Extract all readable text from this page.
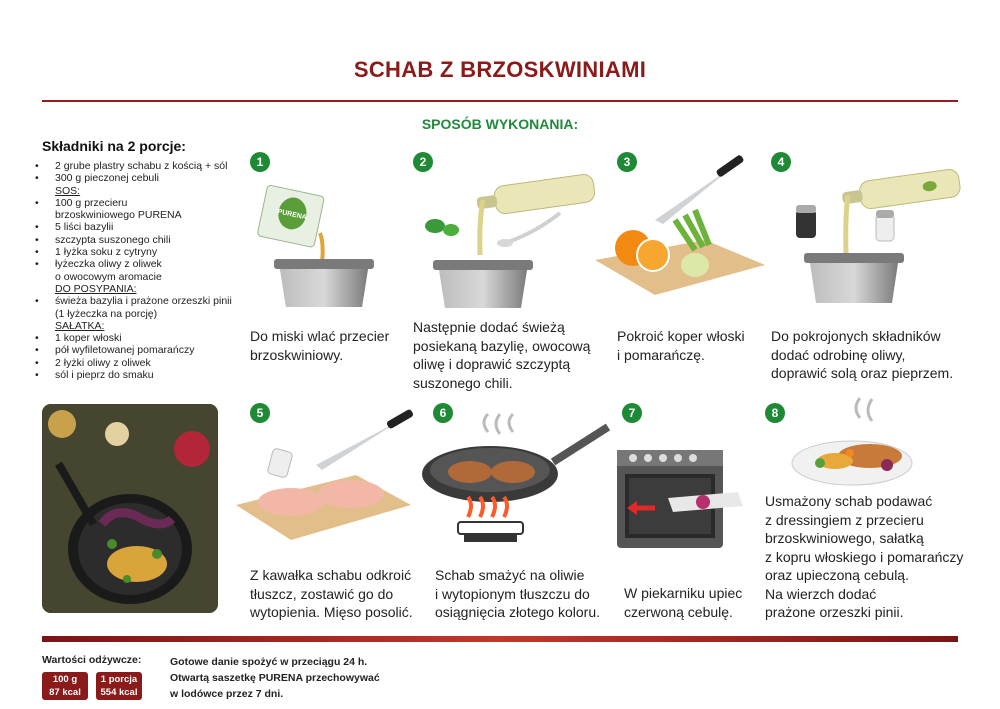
SCHAB Z BRZOSKWINIAMI
SPOSÓB WYKONANIA:
Składniki na 2 porcje:
• 2 grube plastry schabu z kością + sól
• 300 g pieczonej cebuli
SOS:
• 100 g przecieru
brzoskwiniowego PURENA
• 5 liści bazylii
• szczypta suszonego chili
• 1 łyżka soku z cytryny
• łyżeczka oliwy z oliwek
o owocowym aromacie
DO POSYPANIA:
• świeża bazylia i prażone orzeszki pinii
(1 łyżeczka na porcję)
SAŁATKA:
• 1 koper włoski
• pół wyfiletowanej pomarańczy
• 2 łyżki oliwy z oliwek
• sól i pieprz do smaku
1	2	3	4
5	6	7	8
PURENA
Do miski wlać przecier
brzoskwiniowy.
Następnie dodać świeżą
posiekaną bazylię, owocową
oliwę i doprawić szczyptą
suszonego chili.
Pokroić koper włoski
i pomarańczę.
Do pokrojonych składników
dodać odrobinę oliwy,
doprawić solą oraz pieprzem.
Z kawałka schabu odkroić
tłuszcz, zostawić go do
wytopienia. Mięso posolić.
Schab smażyć na oliwie
i wytopionym tłuszczu do
osiągnięcia złotego koloru.
W piekarniku upiec
czerwoną cebulę.
Usmażony schab podawać
z dressingiem z przecieru
brzoskwiniowego, sałatką
z kopru włoskiego i pomarańczy
oraz upieczoną cebulą.
Na wierzch dodać
prażone orzeszki pinii.
Wartości odżywcze:
100 g
87 kcal
1 porcja
554 kcal
Gotowe danie spożyć w przeciągu 24 h.
Otwartą saszetkę PURENA przechowywać
w lodówce przez 7 dni.
